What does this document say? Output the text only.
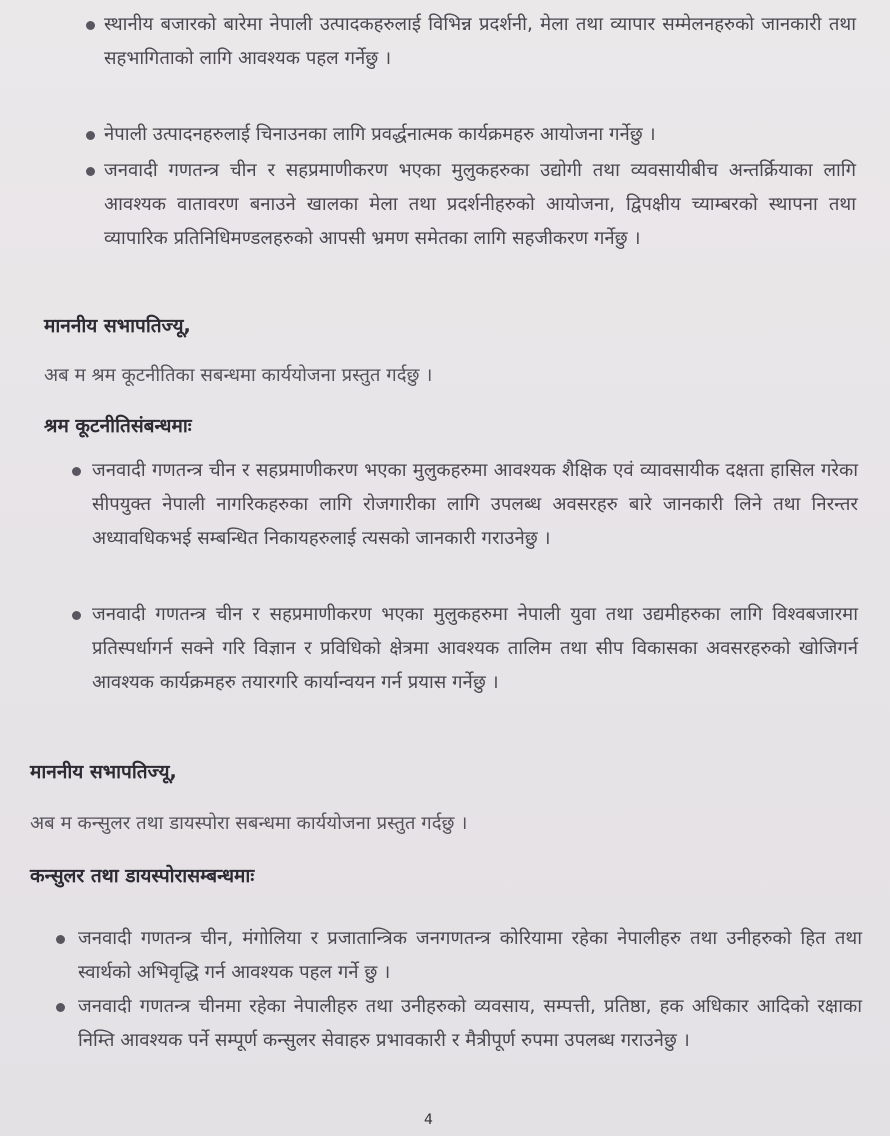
स्थानीय बजारको बारेमा नेपाली उत्पादकहरुलाई विभिन्न प्रदर्शनी, मेला तथा व्यापार सम्मेलनहरुको जानकारी तथा सहभागिताको लागि आवश्यक पहल गर्नेछु ।
नेपाली उत्पादनहरुलाई चिनाउनका लागि प्रवर्द्धनात्मक कार्यक्रमहरु आयोजना गर्नेछु ।
जनवादी गणतन्त्र चीन र सहप्रमाणीकरण भएका मुलुकहरुका उद्योगी तथा व्यवसायीबीच अन्तर्क्रियाका लागि आवश्यक वातावरण बनाउने खालका मेला तथा प्रदर्शनीहरुको आयोजना, द्विपक्षीय च्याम्बरको स्थापना तथा व्यापारिक प्रतिनिधिमण्डलहरुको आपसी भ्रमण समेतका लागि सहजीकरण गर्नेछु ।
माननीय सभापतिज्यू,
अब म श्रम कूटनीतिका सबन्धमा कार्ययोजना प्रस्तुत गर्दछु ।
श्रम कूटनीतिसंबन्धमाः
जनवादी गणतन्त्र चीन र सहप्रमाणीकरण भएका मुलुकहरुमा आवश्यक शैक्षिक एवं व्यावसायीक दक्षता हासिल गरेका सीपयुक्त नेपाली नागरिकहरुका लागि रोजगारीका लागि उपलब्ध अवसरहरु बारे जानकारी लिने तथा निरन्तर अध्यावधिकभई सम्बन्धित निकायहरुलाई त्यसको जानकारी गराउनेछु ।
जनवादी गणतन्त्र चीन र सहप्रमाणीकरण भएका मुलुकहरुमा नेपाली युवा तथा उद्यमीहरुका लागि विश्वबजारमा प्रतिस्पर्धागर्न सक्ने गरि विज्ञान र प्रविधिको क्षेत्रमा आवश्यक तालिम तथा सीप विकासका अवसरहरुको खोजिगर्न आवश्यक कार्यक्रमहरु तयारगरि कार्यान्वयन गर्न प्रयास गर्नेछु ।
माननीय सभापतिज्यू,
अब म कन्सुलर तथा डायस्पोरा सबन्धमा कार्ययोजना प्रस्तुत गर्दछु ।
कन्सुलर तथा डायस्पोरासम्बन्धमाः
जनवादी गणतन्त्र चीन, मंगोलिया र प्रजातान्त्रिक जनगणतन्त्र कोरियामा रहेका नेपालीहरु तथा उनीहरुको हित तथा स्वार्थको अभिवृद्धि गर्न आवश्यक पहल गर्ने छु ।
जनवादी गणतन्त्र चीनमा रहेका नेपालीहरु तथा उनीहरुको व्यवसाय, सम्पत्ती, प्रतिष्ठा, हक अधिकार आदिको रक्षाका निम्ति आवश्यक पर्ने सम्पूर्ण कन्सुलर सेवाहरु प्रभावकारी र मैत्रीपूर्ण रुपमा उपलब्ध गराउनेछु ।
4
